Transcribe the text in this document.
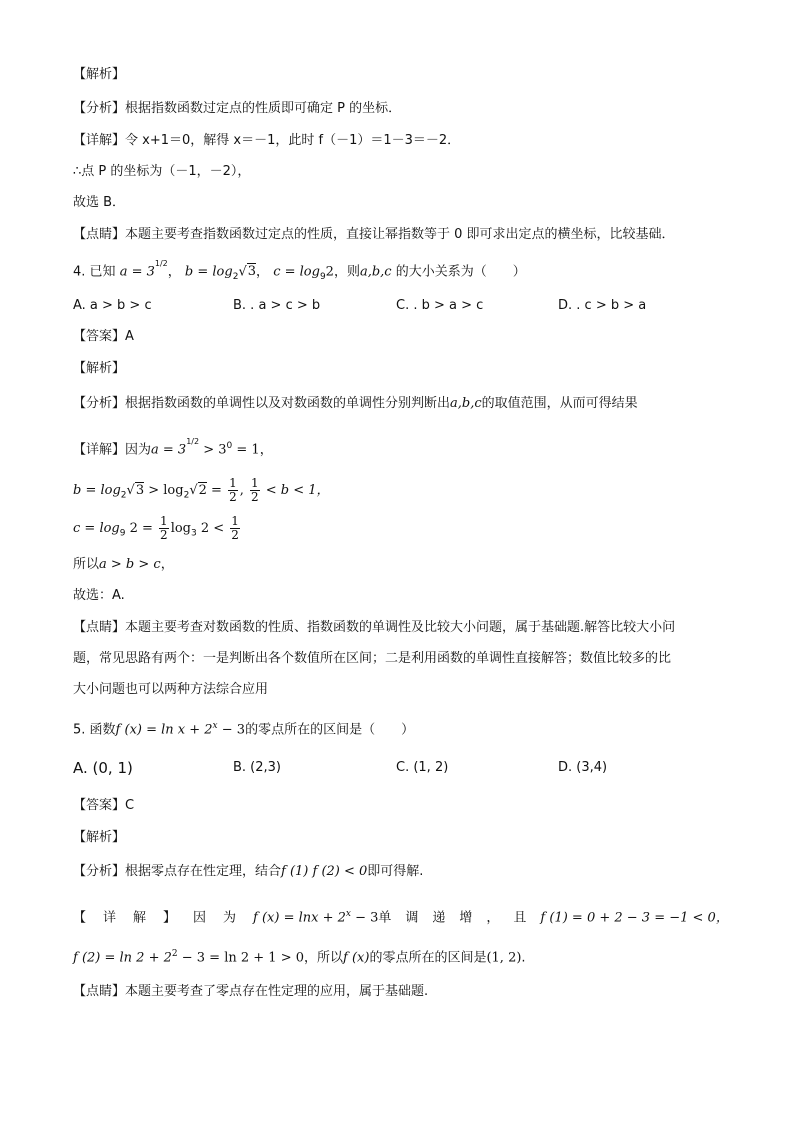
【解析】
【分析】根据指数函数过定点的性质即可确定 P 的坐标．
【详解】令 x+1＝0，解得 x＝－1，此时 f（－1）＝1－3＝－2．
∴点 P 的坐标为（－1，－2），
故选 B．
【点睛】本题主要考查指数函数过定点的性质，直接让幂指数等于 0 即可求出定点的横坐标，比较基础．
4. 已知 $a = 3^{1/2}$， $b = \log_2√3$， $c = \log_92$，则a,b,c 的大小关系为（　　）
A. a > b > c	B. . a > c > b	C. . b > a > c	D. . c > b > a
【答案】A
【解析】
【分析】根据指数函数的单调性以及对数函数的单调性分别判断出a,b,c的取值范围，从而可得结果
【详解】因为$a = 3^{1/2} > 3^0 = 1$，
$b = \log_2√3 > \log_2√2 = \frac{1}{2}$ , $\frac{1}{2} < b < 1$，
$c = \log_9 2 = \frac{1}{2} \log_3 2 < \frac{1}{2}$
所以a > b > c，
故选：A.
【点睛】本题主要考查对数函数的性质、指数函数的单调性及比较大小问题，属于基础题.解答比较大小问
题，常见思路有两个：一是判断出各个数值所在区间；二是利用函数的单调性直接解答；数值比较多的比
大小问题也可以两种方法综合应用
5. 函数f $(x) = \ln x + 2^x - 3$的零点所在的区间是（　　）
A. (0, 1)	B. (2,3)	C. (1, 2)	D. (3,4)
【答案】C
【解析】
【分析】根据零点存在性定理，结合f (1) f (2) < 0即可得解.
【详解】因为f $(x) = \ln x + 2^x - 3$单调递增，且f (1) = 0 + 2 − 3 = −1 < 0，
f $(2) = \ln 2 + 2^2 - 3 = \ln 2 + 1 > 0$，所以f (x)的零点所在的区间是(1, 2).
【点睛】本题主要考查了零点存在性定理的应用，属于基础题.
